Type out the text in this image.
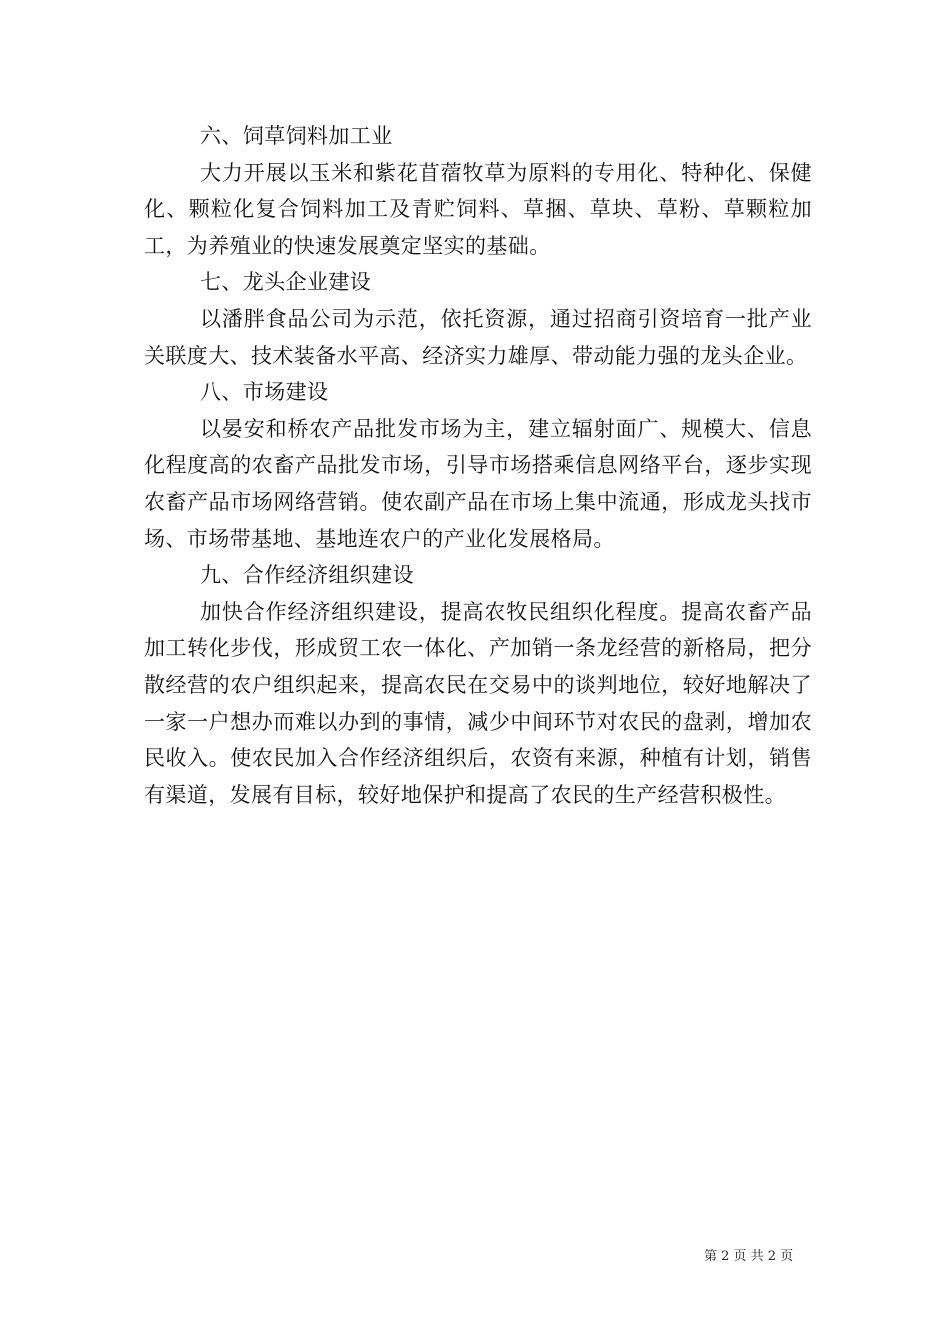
六、饲草饲料加工业

大力开展以玉米和紫花苜蓿牧草为原料的专用化、特种化、保健化、颗粒化复合饲料加工及青贮饲料、草捆、草块、草粉、草颗粒加工，为养殖业的快速发展奠定坚实的基础。

七、龙头企业建设

以潘胖食品公司为示范，依托资源，通过招商引资培育一批产业关联度大、技术装备水平高、经济实力雄厚、带动能力强的龙头企业。

八、市场建设

以晏安和桥农产品批发市场为主，建立辐射面广、规模大、信息化程度高的农畜产品批发市场，引导市场搭乘信息网络平台，逐步实现农畜产品市场网络营销。使农副产品在市场上集中流通，形成龙头找市场、市场带基地、基地连农户的产业化发展格局。

九、合作经济组织建设

加快合作经济组织建设，提高农牧民组织化程度。提高农畜产品加工转化步伐，形成贸工农一体化、产加销一条龙经营的新格局，把分散经营的农户组织起来，提高农民在交易中的谈判地位，较好地解决了一家一户想办而难以办到的事情，减少中间环节对农民的盘剥，增加农民收入。使农民加入合作经济组织后，农资有来源，种植有计划，销售有渠道，发展有目标，较好地保护和提高了农民的生产经营积极性。

第 2 页 共 2 页
